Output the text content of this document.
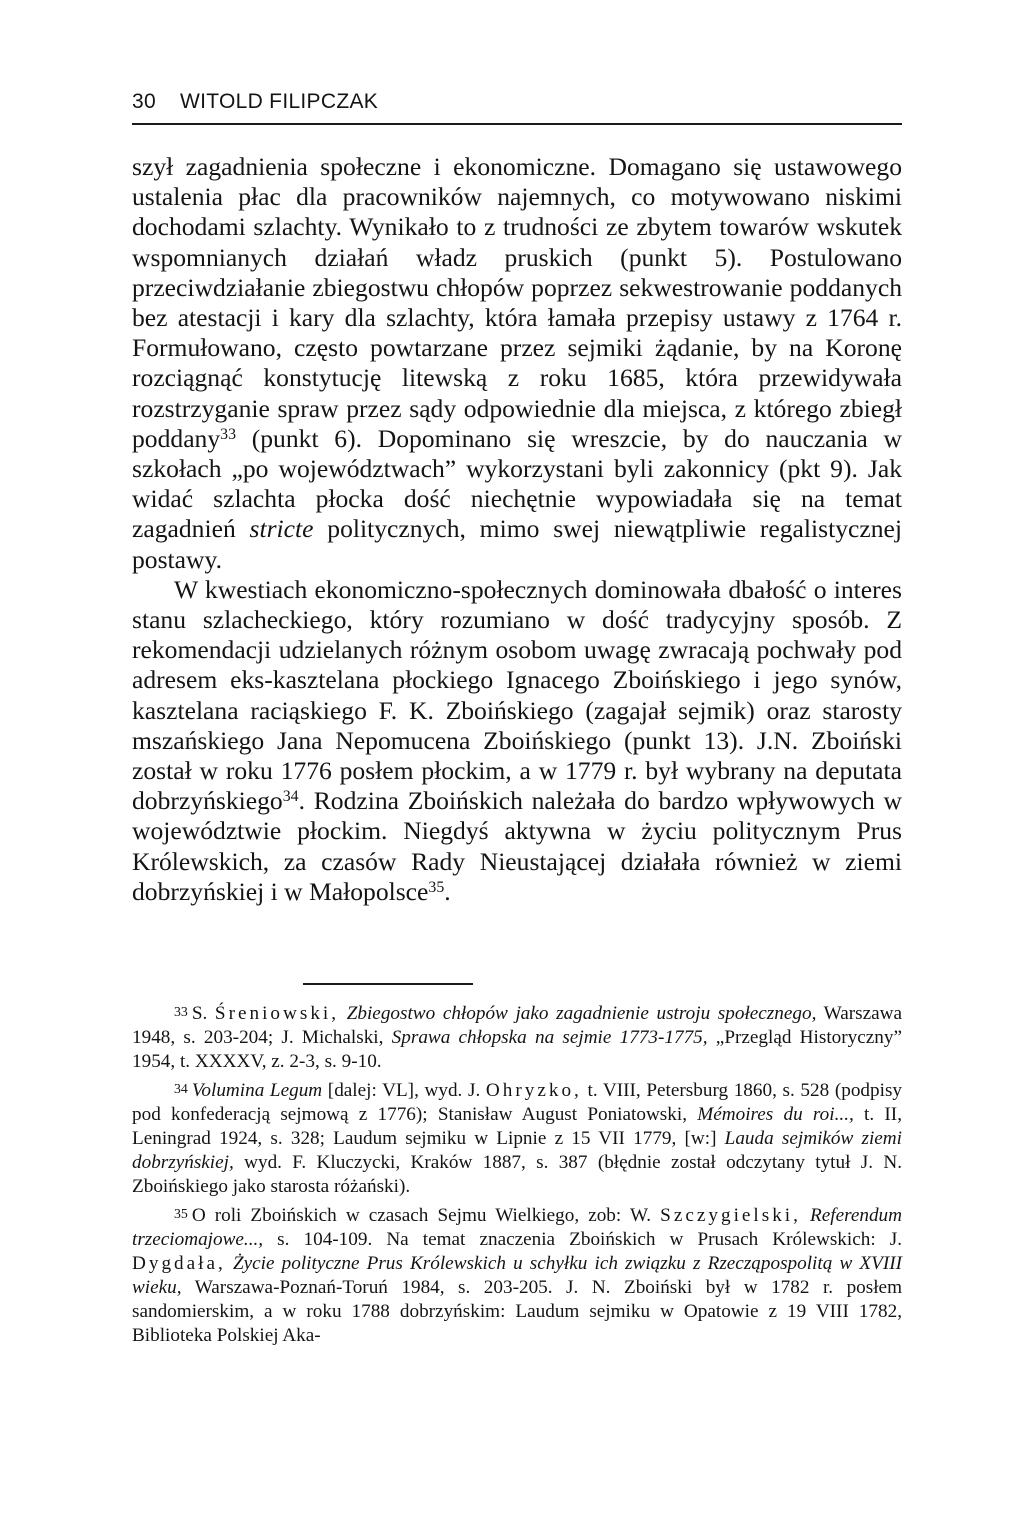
30 WITOLD FILIPCZAK

szył zagadnienia społeczne i ekonomiczne. Domagano się ustawowego ustalenia płac dla pracowników najemnych, co motywowano niskimi dochodami szlachty. Wynikało to z trudności ze zbytem towarów wskutek wspomnianych działań władz pruskich (punkt 5). Postulowano przeciwdziałanie zbiegostwu chłopów poprzez sekwestrowanie poddanych bez atestacji i kary dla szlachty, która łamała przepisy ustawy z 1764 r. Formułowano, często powtarzane przez sejmiki żądanie, by na Koronę rozciągnąć konstytucję litewską z roku 1685, która przewidywała rozstrzyganie spraw przez sądy odpowiednie dla miejsca, z którego zbiegł poddany$^{33}$ (punkt 6). Dopominano się wreszcie, by do nauczania w szkołach „po województwach” wykorzystani byli zakonnicy (pkt 9). Jak widać szlachta płocka dość niechętnie wypowiadała się na temat zagadnień stricte politycznych, mimo swej niewątpliwie regalistycznej postawy.

W kwestiach ekonomiczno-społecznych dominowała dbałość o interes stanu szlacheckiego, który rozumiano w dość tradycyjny sposób. Z rekomendacji udzielanych różnym osobom uwagę zwracają pochwały pod adresem eks-kasztelana płockiego Ignacego Zboińskiego i jego synów, kasztelana raciąskiego F. K. Zboińskiego (zagajał sejmik) oraz starosty mszańskiego Jana Nepomucena Zboińskiego (punkt 13). J.N. Zboiński został w roku 1776 posłem płockim, a w 1779 r. był wybrany na deputata dobrzyńskiego$^{34}$. Rodzina Zboińskich należała do bardzo wpływowych w województwie płockim. Niegdyś aktywna w życiu politycznym Prus Królewskich, za czasów Rady Nieustającej działała również w ziemi dobrzyńskiej i w Małopolsce$^{35}$.

$^{33}$ S. Śreniowski, Zbiegostwo chłopów jako zagadnienie ustroju społecznego, Warszawa 1948, s. 203-204; J. Michalski, Sprawa chłopska na sejmie 1773-1775, „Przegląd Historyczny” 1954, t. XXXXV, z. 2-3, s. 9-10.

$^{34}$ Volumina Legum [dalej: VL], wyd. J. Ohryzko, t. VIII, Petersburg 1860, s. 528 (podpisy pod konfederacją sejmową z 1776); Stanisław August Poniatowski, Mémoires du roi..., t. II, Leningrad 1924, s. 328; Laudum sejmiku w Lipnie z 15 VII 1779, [w:] Lauda sejmików ziemi dobrzyńskiej, wyd. F. Kluczycki, Kraków 1887, s. 387 (błędnie został odczytany tytuł J. N. Zboińskiego jako starosta różański).

$^{35}$ O roli Zboińskich w czasach Sejmu Wielkiego, zob: W. Szczygielski, Referendum trzeciomajowe..., s. 104-109. Na temat znaczenia Zboińskich w Prusach Królewskich: J. Dygdała, Życie polityczne Prus Królewskich u schyłku ich związku z Rzecząpospolitą w XVIII wieku, Warszawa-Poznań-Toruń 1984, s. 203-205. J. N. Zboiński był w 1782 r. posłem sandomierskim, a w roku 1788 dobrzyńskim: Laudum sejmiku w Opatowie z 19 VIII 1782, Biblioteka Polskiej Aka-
